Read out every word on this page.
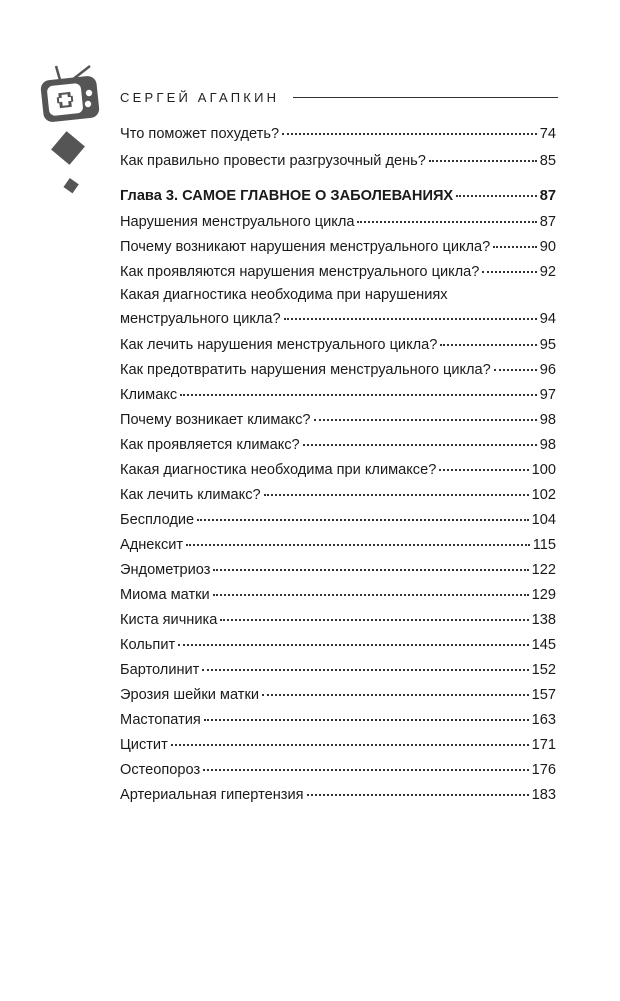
СЕРГЕЙ АГАПКИН
Что поможет похудеть?	74
Как правильно провести разгрузочный день?	85
Глава 3. САМОЕ ГЛАВНОЕ О ЗАБОЛЕВАНИЯХ	87
Нарушения менструального цикла	87
Почему возникают нарушения менструального цикла?	90
Как проявляются нарушения менструального цикла?	92
Какая диагностика необходима при нарушениях
менструального цикла?	94
Как лечить нарушения менструального цикла?	95
Как предотвратить нарушения менструального цикла?	96
Климакс	97
Почему возникает климакс?	98
Как проявляется климакс?	98
Какая диагностика необходима при климаксе?	100
Как лечить климакс?	102
Бесплодие	104
Аднексит	115
Эндометриоз	122
Миома матки	129
Киста яичника	138
Кольпит	145
Бартолинит	152
Эрозия шейки матки	157
Мастопатия	163
Цистит	171
Остеопороз	176
Артериальная гипертензия	183
